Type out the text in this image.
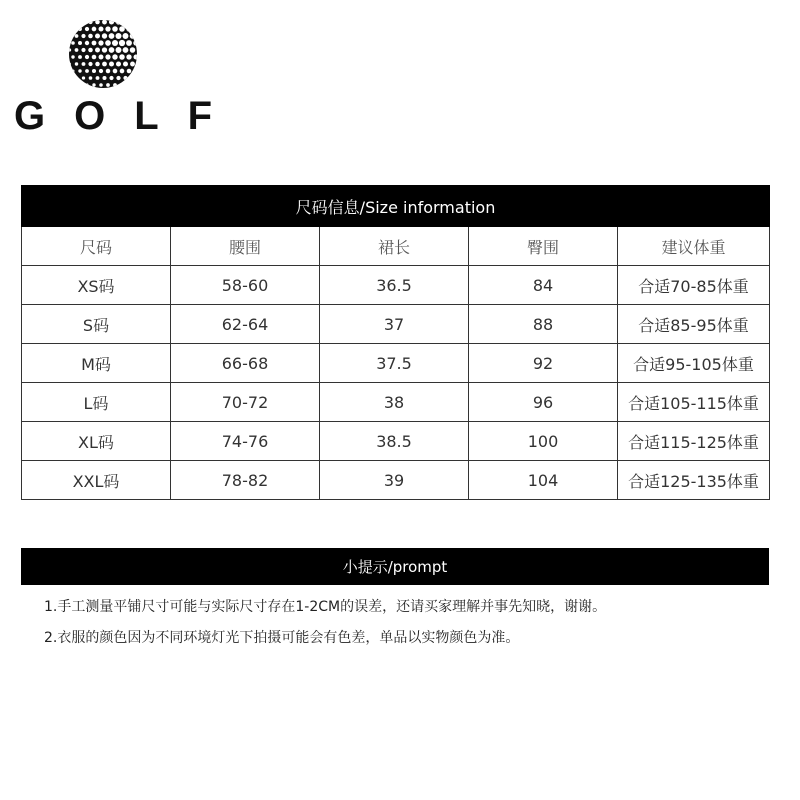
GOLF
尺码信息/Size information				
尺码	腰围	裙长	臀围	建议体重
XS码	58-60	36.5	84	合适70-85体重
S码	62-64	37	88	合适85-95体重
M码	66-68	37.5	92	合适95-105体重
L码	70-72	38	96	合适105-115体重
XL码	74-76	38.5	100	合适115-125体重
XXL码	78-82	39	104	合适125-135体重
小提示/prompt
1.手工测量平铺尺寸可能与实际尺寸存在1-2CM的误差，还请买家理解并事先知晓，谢谢。
2.衣服的颜色因为不同环境灯光下拍摄可能会有色差，单品以实物颜色为准。
